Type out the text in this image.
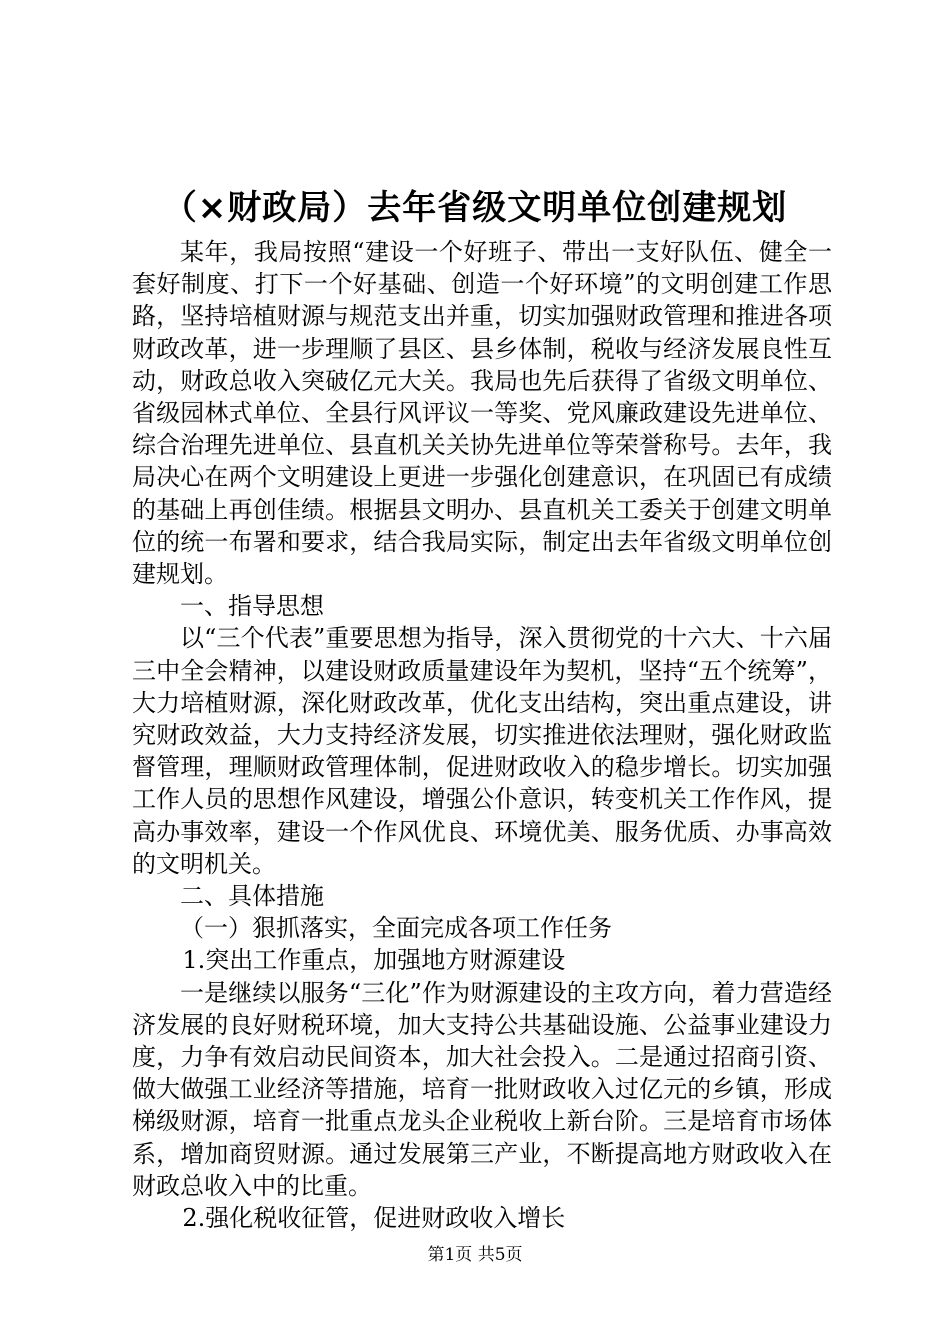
（×财政局）去年省级文明单位创建规划

某年，我局按照“建设一个好班子、带出一支好队伍、健全一套好制度、打下一个好基础、创造一个好环境”的文明创建工作思路，坚持培植财源与规范支出并重，切实加强财政管理和推进各项财政改革，进一步理顺了县区、县乡体制，税收与经济发展良性互动，财政总收入突破亿元大关。我局也先后获得了省级文明单位、省级园林式单位、全县行风评议一等奖、党风廉政建设先进单位、综合治理先进单位、县直机关关协先进单位等荣誉称号。去年，我局决心在两个文明建设上更进一步强化创建意识，在巩固已有成绩的基础上再创佳绩。根据县文明办、县直机关工委关于创建文明单位的统一布署和要求，结合我局实际，制定出去年省级文明单位创建规划。

一、指导思想

以“三个代表”重要思想为指导，深入贯彻党的十六大、十六届三中全会精神，以建设财政质量建设年为契机，坚持“五个统筹”，大力培植财源，深化财政改革，优化支出结构，突出重点建设，讲究财政效益，大力支持经济发展，切实推进依法理财，强化财政监督管理，理顺财政管理体制，促进财政收入的稳步增长。切实加强工作人员的思想作风建设，增强公仆意识，转变机关工作作风，提高办事效率，建设一个作风优良、环境优美、服务优质、办事高效的文明机关。

二、具体措施

（一）狠抓落实，全面完成各项工作任务

1.突出工作重点，加强地方财源建设

一是继续以服务“三化”作为财源建设的主攻方向，着力营造经济发展的良好财税环境，加大支持公共基础设施、公益事业建设力度，力争有效启动民间资本，加大社会投入。二是通过招商引资、做大做强工业经济等措施，培育一批财政收入过亿元的乡镇，形成梯级财源，培育一批重点龙头企业税收上新台阶。三是培育市场体系，增加商贸财源。通过发展第三产业，不断提高地方财政收入在财政总收入中的比重。

2.强化税收征管，促进财政收入增长

第1页 共5页
